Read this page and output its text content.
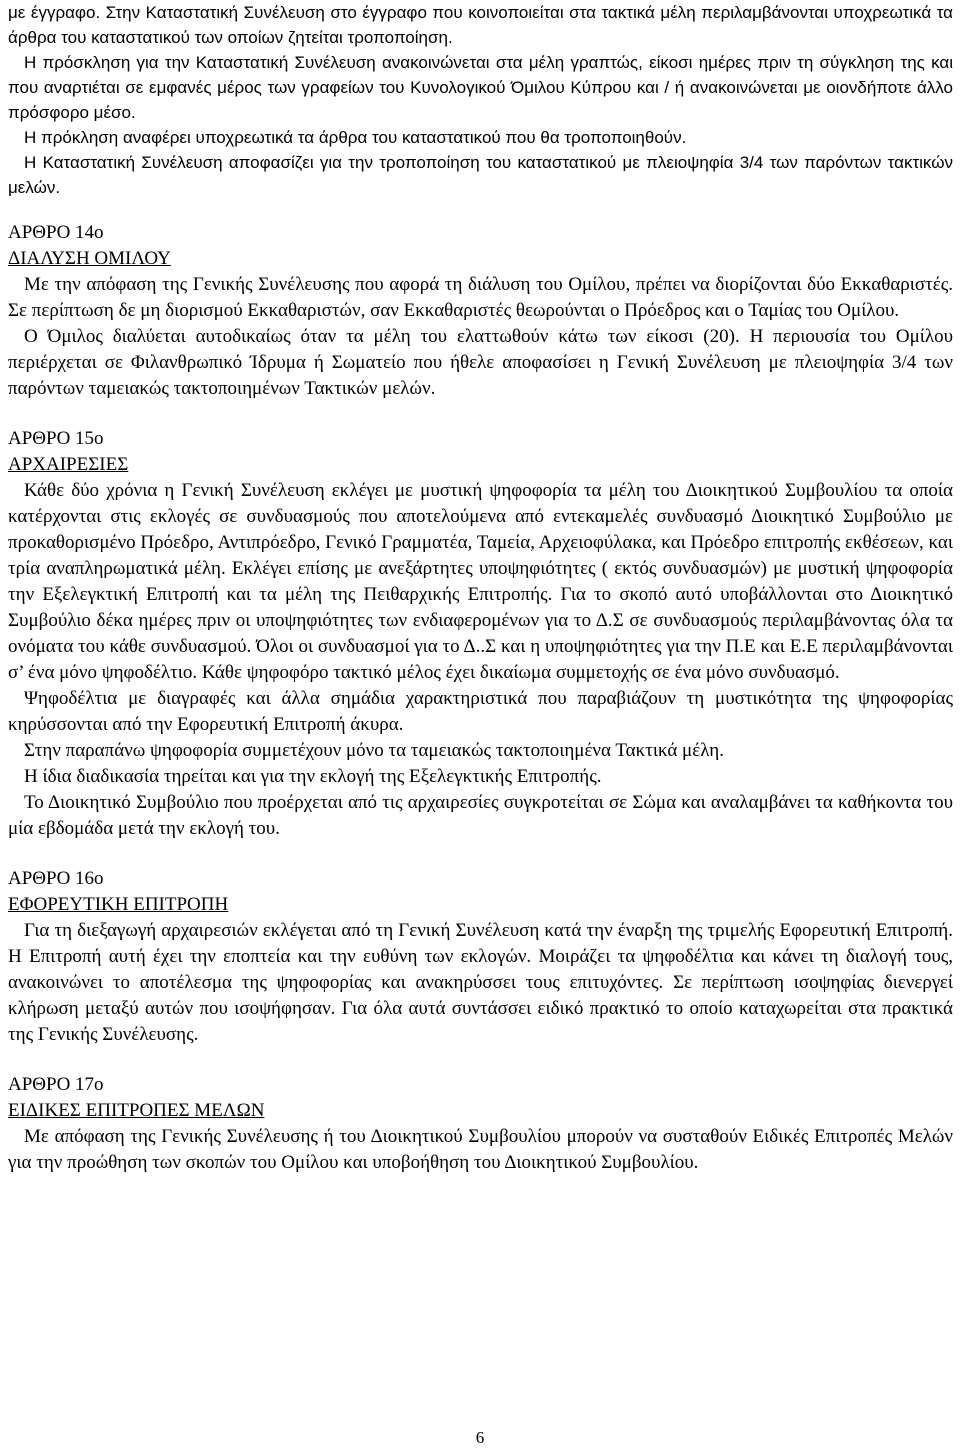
με έγγραφο. Στην Καταστατική Συνέλευση στο έγγραφο που κοινοποιείται στα τακτικά μέλη περιλαμβάνονται υποχρεωτικά τα άρθρα του καταστατικού των οποίων ζητείται τροποποίηση.

Η πρόσκληση για την Καταστατική Συνέλευση ανακοινώνεται στα μέλη γραπτώς, είκοσι ημέρες πριν τη σύγκληση της και που αναρτιέται σε εμφανές μέρος των γραφείων του Κυνολογικού Όμιλου Κύπρου και / ή ανακοινώνεται με οιονδήποτε άλλο πρόσφορο μέσο.

Η πρόκληση αναφέρει υποχρεωτικά τα άρθρα του καταστατικού που θα τροποποιηθούν.

Η Καταστατική Συνέλευση αποφασίζει για την τροποποίηση του καταστατικού με πλειοψηφία 3/4 των παρόντων τακτικών μελών.

ΑΡΘΡΟ 14ο
ΔΙΑΛΥΣΗ ΟΜΙΛΟΥ

Με την απόφαση της Γενικής Συνέλευσης που αφορά τη διάλυση του Ομίλου, πρέπει να διορίζονται δύο Εκκαθαριστές. Σε περίπτωση δε μη διορισμού Εκκαθαριστών, σαν Εκκαθαριστές θεωρούνται ο Πρόεδρος και ο Ταμίας του Ομίλου.

Ο Όμιλος διαλύεται αυτοδικαίως όταν τα μέλη του ελαττωθούν κάτω των είκοσι (20). Η περιουσία του Ομίλου περιέρχεται σε Φιλανθρωπικό Ίδρυμα ή Σωματείο που ήθελε αποφασίσει η Γενική Συνέλευση με πλειοψηφία 3/4 των παρόντων ταμειακώς τακτοποιημένων Τακτικών μελών.

ΑΡΘΡΟ 15ο
ΑΡΧΑΙΡΕΣΙΕΣ

Κάθε δύο χρόνια η Γενική Συνέλευση εκλέγει με μυστική ψηφοφορία τα μέλη του Διοικητικού Συμβουλίου τα οποία κατέρχονται στις εκλογές σε συνδυασμούς που αποτελούμενα από εντεκαμελές συνδυασμό Διοικητικό Συμβούλιο με προκαθορισμένο Πρόεδρο, Αντιπρόεδρο, Γενικό Γραμματέα, Ταμεία, Αρχειοφύλακα, και Πρόεδρο επιτροπής εκθέσεων, και τρία αναπληρωματικά μέλη. Εκλέγει επίσης με ανεξάρτητες υποψηφιότητες ( εκτός συνδυασμών) με μυστική ψηφοφορία την Εξελεγκτική Επιτροπή και τα μέλη της Πειθαρχικής Επιτροπής. Για το σκοπό αυτό υποβάλλονται στο Διοικητικό Συμβούλιο δέκα ημέρες πριν οι υποψηφιότητες των ενδιαφερομένων για το Δ.Σ σε συνδυασμούς περιλαμβάνοντας όλα τα ονόματα του κάθε συνδυασμού. Όλοι οι συνδυασμοί για το Δ..Σ και η υποψηφιότητες για την Π.Ε και Ε.Ε περιλαμβάνονται σ’ ένα μόνο ψηφοδέλτιο. Κάθε ψηφοφόρο τακτικό μέλος έχει δικαίωμα συμμετοχής σε ένα μόνο συνδυασμό.

Ψηφοδέλτια με διαγραφές και άλλα σημάδια χαρακτηριστικά που παραβιάζουν τη μυστικότητα της ψηφοφορίας κηρύσσονται από την Εφορευτική Επιτροπή άκυρα.

Στην παραπάνω ψηφοφορία συμμετέχουν μόνο τα ταμειακώς τακτοποιημένα Τακτικά μέλη.

Η ίδια διαδικασία τηρείται και για την εκλογή της Εξελεγκτικής Επιτροπής.

Το Διοικητικό Συμβούλιο που προέρχεται από τις αρχαιρεσίες συγκροτείται σε Σώμα και αναλαμβάνει τα καθήκοντα του μία εβδομάδα μετά την εκλογή του.

ΑΡΘΡΟ 16ο
ΕΦΟΡΕΥΤΙΚΗ ΕΠΙΤΡΟΠΗ

Για τη διεξαγωγή αρχαιρεσιών εκλέγεται από τη Γενική Συνέλευση κατά την έναρξη της τριμελής Εφορευτική Επιτροπή. Η Επιτροπή αυτή έχει την εποπτεία και την ευθύνη των εκλογών. Μοιράζει τα ψηφοδέλτια και κάνει τη διαλογή τους, ανακοινώνει το αποτέλεσμα της ψηφοφορίας και ανακηρύσσει τους επιτυχόντες. Σε περίπτωση ισοψηφίας διενεργεί κλήρωση μεταξύ αυτών που ισοψήφησαν. Για όλα αυτά συντάσσει ειδικό πρακτικό το οποίο καταχωρείται στα πρακτικά της Γενικής Συνέλευσης.

ΑΡΘΡΟ 17ο
ΕΙΔΙΚΕΣ ΕΠΙΤΡΟΠΕΣ ΜΕΛΩΝ

Με απόφαση της Γενικής Συνέλευσης ή του Διοικητικού Συμβουλίου μπορούν να συσταθούν Ειδικές Επιτροπές Μελών για την προώθηση των σκοπών του Ομίλου και υποβοήθηση του Διοικητικού Συμβουλίου.

6
